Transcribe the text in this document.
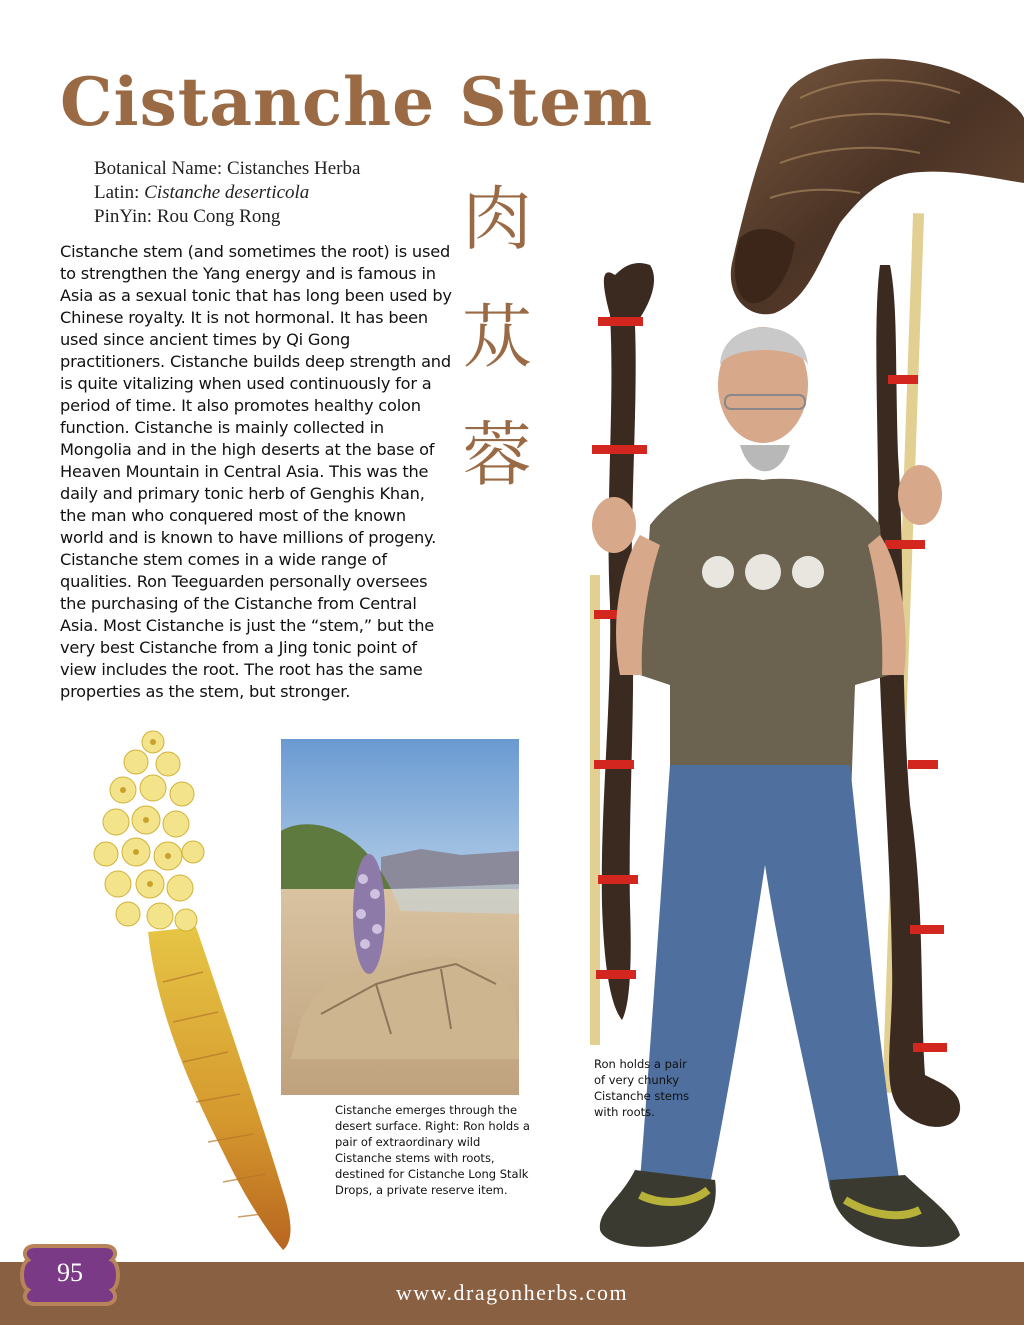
Cistanche Stem
Botanical Name: Cistanches Herba
Latin: Cistanche deserticola
PinYin: Rou Cong Rong	肉
苁
蓉
Cistanche stem (and sometimes the root) is used to strengthen the Yang energy and is famous in Asia as a sexual tonic that has long been used by Chinese royalty. It is not hormonal. It has been used since ancient times by Qi Gong practitioners. Cistanche builds deep strength and is quite vitalizing when used continuously for a period of time. It also promotes healthy colon function. Cistanche is mainly collected in Mongolia and in the high deserts at the base of Heaven Mountain in Central Asia. This was the daily and primary tonic herb of Genghis Khan, the man who conquered most of the known world and is known to have millions of progeny. Cistanche stem comes in a wide range of qualities. Ron Teeguarden personally oversees the purchasing of the Cistanche from Central Asia. Most Cistanche is just the “stem,” but the very best Cistanche from a Jing tonic point of view includes the root. The root has the same properties as the stem, but stronger.
Cistanche emerges through the desert surface. Right: Ron holds a pair of extraordinary wild Cistanche stems with roots, destined for Cistanche Long Stalk Drops, a private reserve item.
Ron holds a pair of very chunky Cistanche stems with roots.
www.dragonherbs.com
95
